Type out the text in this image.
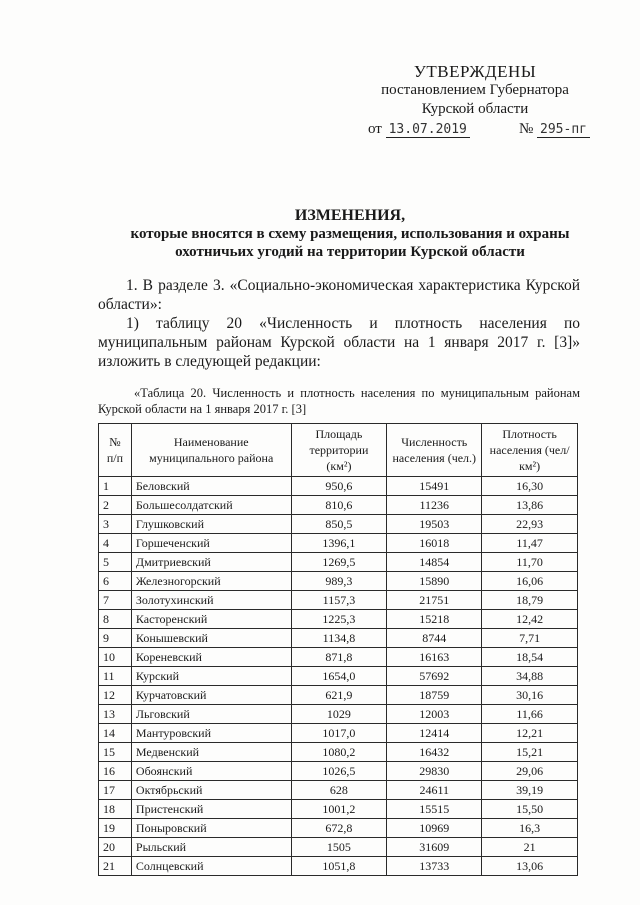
УТВЕРЖДЕНЫ
постановлением Губернатора
Курской области
от 13.07.2019	№ 295-пг
ИЗМЕНЕНИЯ,
которые вносятся в схему размещения, использования и охраны
охотничьих угодий на территории Курской области
1. В разделе 3. «Социально-экономическая характеристика Курской области»:
1) таблицу 20 «Численность и плотность населения по муниципальным районам Курской области на 1 января 2017 г. [3]» изложить в следующей редакции:
«Таблица 20. Численность и плотность населения по муниципальным районам Курской области на 1 января 2017 г. [3]
№ п/п	Наименование муниципального района	Площадь территории (км²)	Численность населения (чел.)	Плотность населения (чел/км²)
1	Беловский	950,6	15491	16,30
2	Большесолдатский	810,6	11236	13,86
3	Глушковский	850,5	19503	22,93
4	Горшеченский	1396,1	16018	11,47
5	Дмитриевский	1269,5	14854	11,70
6	Железногорский	989,3	15890	16,06
7	Золотухинский	1157,3	21751	18,79
8	Касторенский	1225,3	15218	12,42
9	Конышевский	1134,8	8744	7,71
10	Кореневский	871,8	16163	18,54
11	Курский	1654,0	57692	34,88
12	Курчатовский	621,9	18759	30,16
13	Льговский	1029	12003	11,66
14	Мантуровский	1017,0	12414	12,21
15	Медвенский	1080,2	16432	15,21
16	Обоянский	1026,5	29830	29,06
17	Октябрьский	628	24611	39,19
18	Пристенский	1001,2	15515	15,50
19	Поныровский	672,8	10969	16,3
20	Рыльский	1505	31609	21
21	Солнцевский	1051,8	13733	13,06
